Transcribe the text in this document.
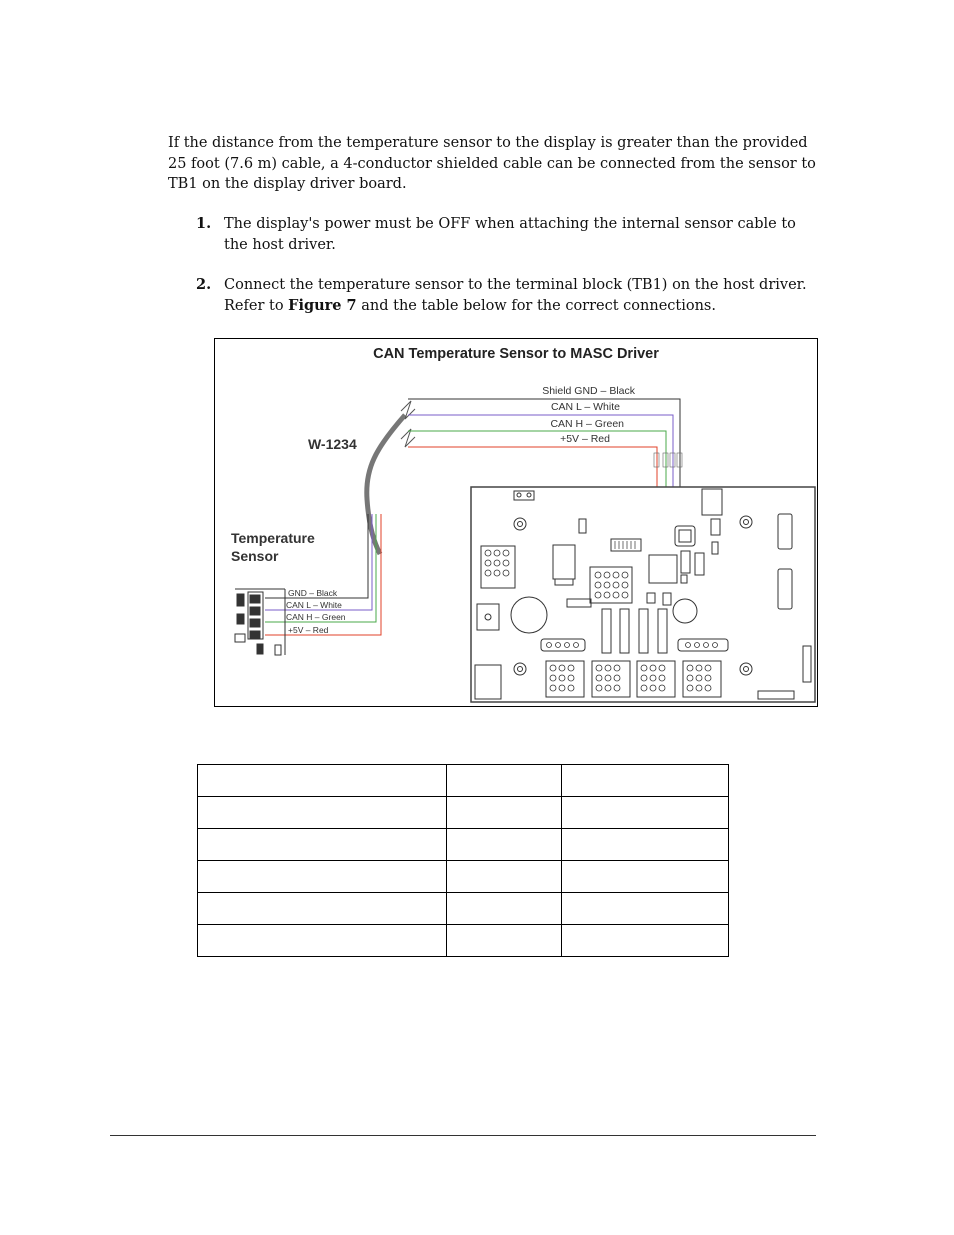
If the distance from the temperature sensor to the display is greater than the provided 25 foot (7.6 m) cable, a 4-conductor shielded cable can be connected from the sensor to TB1 on the display driver board.

1. The display's power must be OFF when attaching the internal sensor cable to the host driver.
2. Connect the temperature sensor to the terminal block (TB1) on the host driver. Refer to Figure 7 and the table below for the correct connections.
CAN Temperature Sensor to MASC Driver
W-1234
Shield GND – Black
CAN L – White
CAN H – Green
+5V – Red
Temperature
Sensor
GND – Black
CAN L – White
CAN H – Green
+5V – Red
